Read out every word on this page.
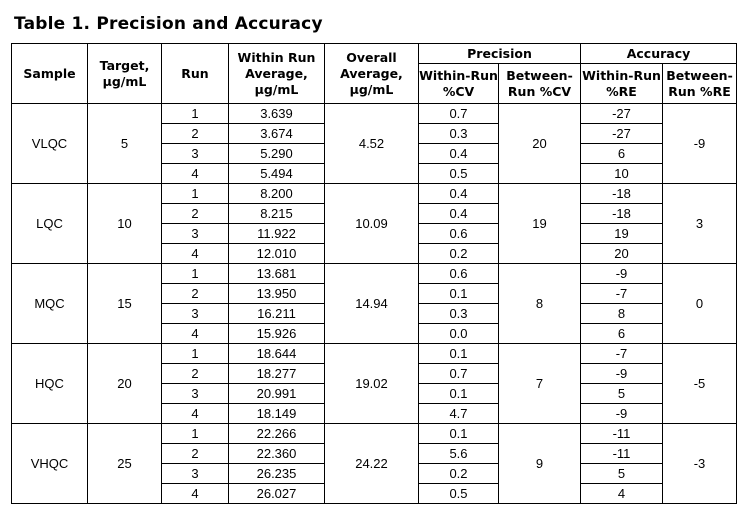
Table 1. Precision and Accuracy
Sample	Target, µg/mL	Run	Within Run Average, µg/mL	Overall Average, µg/mL	Precision		Accuracy	
					Within-Run %CV	Between-Run %CV	Within-Run %RE	Between-Run %RE

VLQC	5	1	3.639	4.52	0.7	20	-27	-9
		2	3.674		0.3		-27	
		3	5.290		0.4		6	
		4	5.494		0.5		10	
LQC	10	1	8.200	10.09	0.4	19	-18	3
		2	8.215		0.4		-18	
		3	11.922		0.6		19	
		4	12.010		0.2		20	
MQC	15	1	13.681	14.94	0.6	8	-9	0
		2	13.950		0.1		-7	
		3	16.211		0.3		8	
		4	15.926		0.0		6	
HQC	20	1	18.644	19.02	0.1	7	-7	-5
		2	18.277		0.7		-9	
		3	20.991		0.1		5	
		4	18.149		4.7		-9	
VHQC	25	1	22.266	24.22	0.1	9	-11	-3
		2	22.360		5.6		-11	
		3	26.235		0.2		5	
		4	26.027		0.5		4	
